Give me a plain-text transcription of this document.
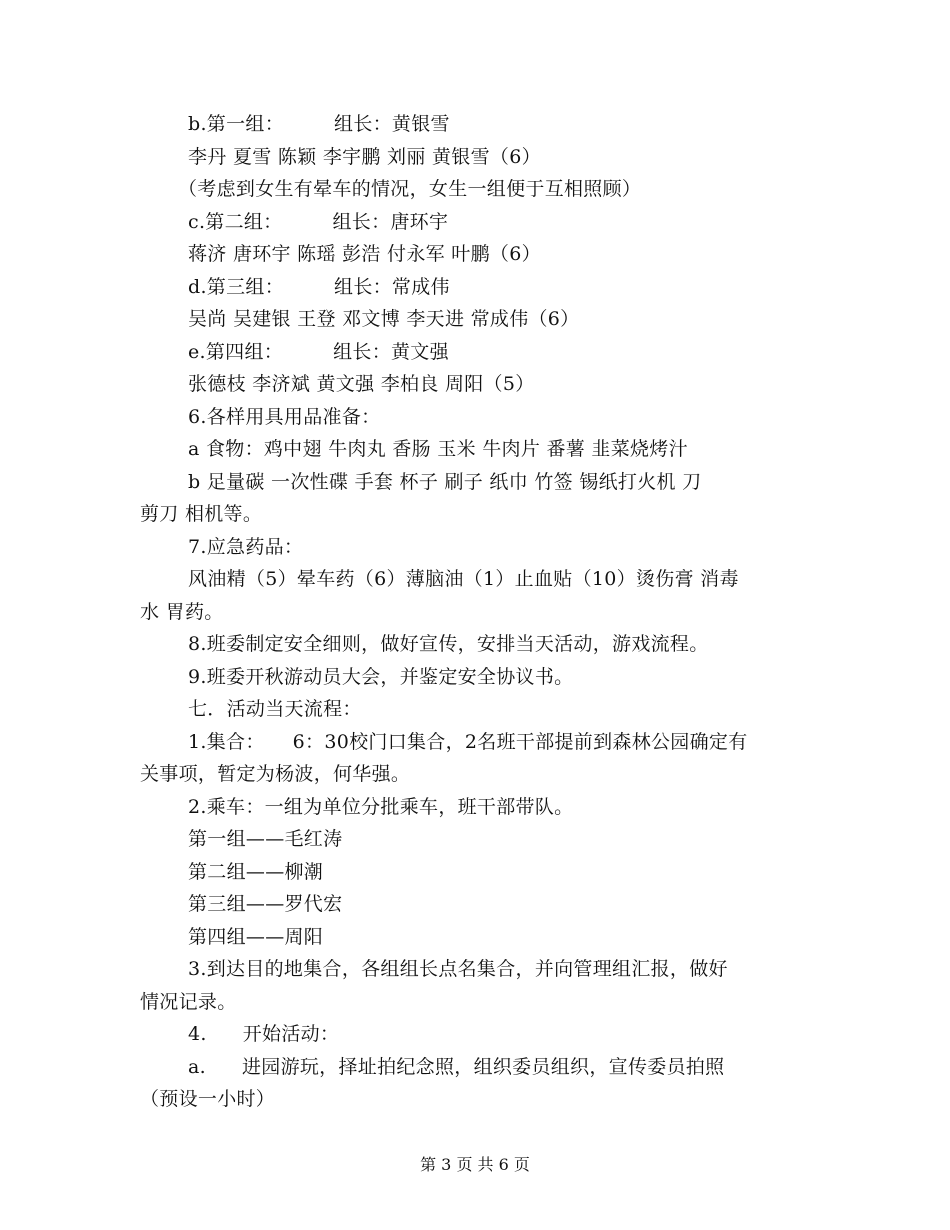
b.第一组：	组长：黄银雪
李丹 夏雪 陈颖 李宇鹏 刘丽 黄银雪（6）
（考虑到女生有晕车的情况，女生一组便于互相照顾）
c.第二组：	组长：唐环宇
蒋济 唐环宇 陈瑶 彭浩 付永军 叶鹏（6）
d.第三组：	组长：常成伟
吴尚 吴建银 王登 邓文博 李天进 常成伟（6）
e.第四组：	组长：黄文强
张德枝 李济斌 黄文强 李柏良 周阳（5）
6.各样用具用品准备：
a 食物：鸡中翅 牛肉丸 香肠 玉米 牛肉片 番薯 韭菜烧烤汁
b 足量碳 一次性碟 手套 杯子 刷子 纸巾 竹签 锡纸打火机 刀
剪刀 相机等。
7.应急药品：
风油精（5）晕车药（6）薄脑油（1）止血贴（10）烫伤膏 消毒
水 胃药。
8.班委制定安全细则，做好宣传，安排当天活动，游戏流程。
9.班委开秋游动员大会，并鉴定安全协议书。
七．活动当天流程：
1.集合： 6：30校门口集合，2名班干部提前到森林公园确定有
关事项，暂定为杨波，何华强。
2.乘车：一组为单位分批乘车，班干部带队。
第一组——毛红涛
第二组——柳潮
第三组——罗代宏
第四组——周阳
3.到达目的地集合，各组组长点名集合，并向管理组汇报，做好
情况记录。
4. 开始活动：
a. 进园游玩，择址拍纪念照，组织委员组织，宣传委员拍照
（预设一小时）
第 3 页 共 6 页
